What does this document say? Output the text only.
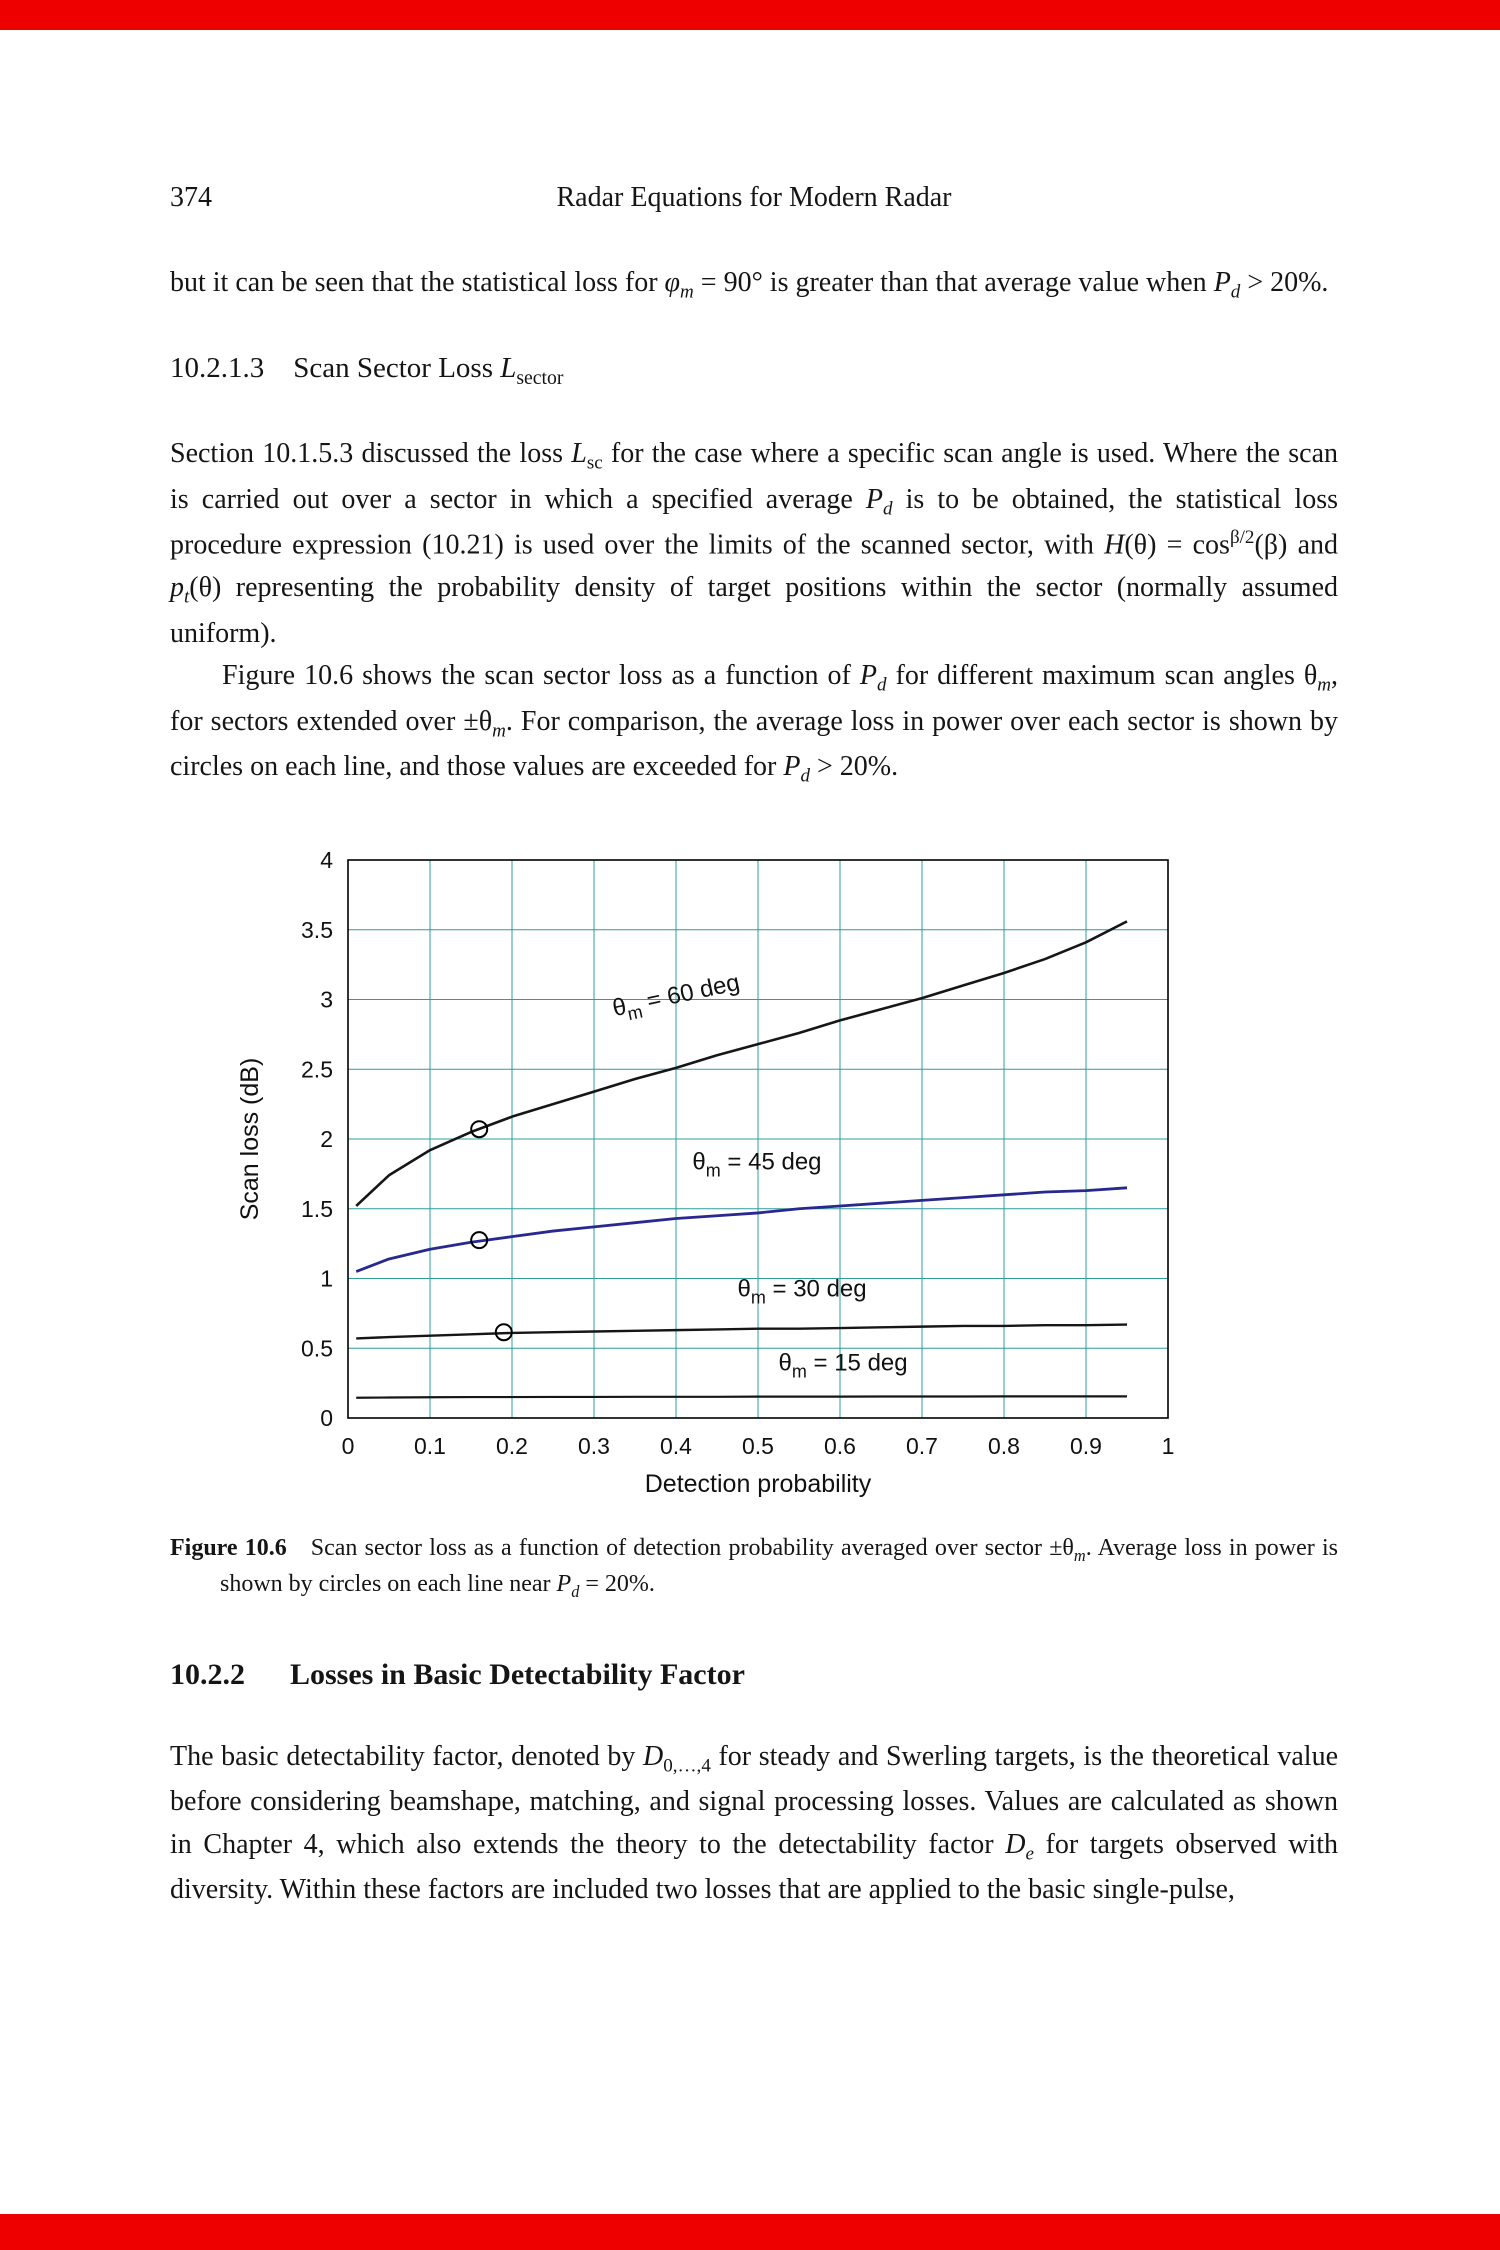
374	Radar Equations for Modern Radar

but it can be seen that the statistical loss for $\varphi_m = 90^\circ$ is greater than that average value when $P_d > 20\%$.

10.2.1.3 Scan Sector Loss $L_{sector}$

Section 10.1.5.3 discussed the loss $L_{sc}$ for the case where a specific scan angle is used. Where the scan is carried out over a sector in which a specified average $P_d$ is to be obtained, the statistical loss procedure expression (10.21) is used over the limits of the scanned sector, with $H(\theta) = \cos^{\beta/2}(\beta)$ and $p_t(\theta)$ representing the probability density of target positions within the sector (normally assumed uniform).

Figure 10.6 shows the scan sector loss as a function of $P_d$ for different maximum scan angles $\theta_m$, for sectors extended over $\pm\theta_m$. For comparison, the average loss in power over each sector is shown by circles on each line, and those values are exceeded for $P_d > 20\%$.

0	0.1 0.2 0.3 0.4 0.5 0.6 0.7 0.8 0.9	1
0
0.5
1
1.5
2
2.5
3
3.5
4
Detection probability
Scan loss (dB)
$\theta_m = 60$ deg
$\theta_m = 45$ deg
$\theta_m = 30$ deg
$\theta_m = 15$ deg

Figure 10.6 Scan sector loss as a function of detection probability averaged over sector $\pm\theta_m$. Average loss in power is shown by circles on each line near $P_d = 20\%$.

10.2.2  Losses in Basic Detectability Factor

The basic detectability factor, denoted by $D_{0,\dots,4}$ for steady and Swerling targets, is the theoretical value before considering beamshape, matching, and signal processing losses. Values are calculated as shown in Chapter 4, which also extends the theory to the detectability factor $D_e$ for targets observed with diversity. Within these factors are included two losses that are applied to the basic single-pulse,
